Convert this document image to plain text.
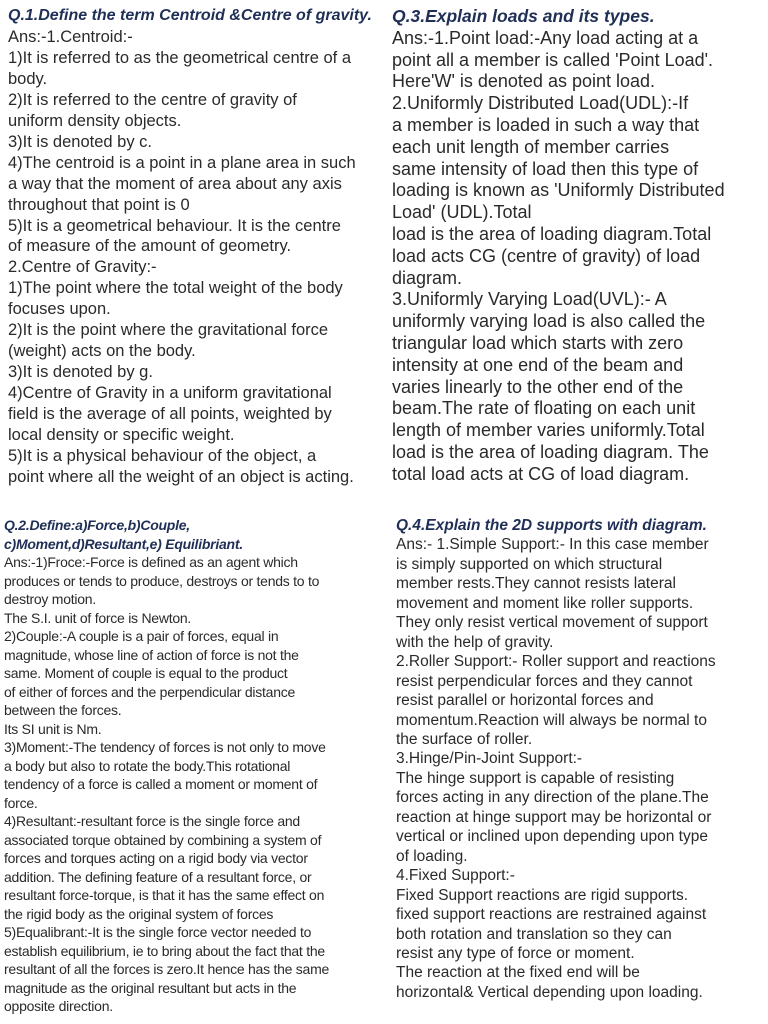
Q.1.Define the term Centroid &Centre of gravity.
Ans:-1.Centroid:-
1)It is referred to as the geometrical centre of a
body.
2)It is referred to the centre of gravity of
uniform density objects.
3)It is denoted by c.
4)The centroid is a point in a plane area in such
a way that the moment of area about any axis
throughout that point is 0
5)It is a geometrical behaviour. It is the centre
of measure of the amount of geometry.
2.Centre of Gravity:-
1)The point where the total weight of the body
focuses upon.
2)It is the point where the gravitational force
(weight) acts on the body.
3)It is denoted by g.
4)Centre of Gravity in a uniform gravitational
field is the average of all points, weighted by
local density or specific weight.
5)It is a physical behaviour of the object, a
point where all the weight of an object is acting.
Q.3.Explain loads and its types.
Ans:-1.Point load:-Any load acting at a
point all a member is called 'Point Load'.
Here'W' is denoted as point load.
2.Uniformly Distributed Load(UDL):-If
a member is loaded in such a way that
each unit length of member carries
same intensity of load then this type of
loading is known as 'Uniformly Distributed
Load' (UDL).Total
load is the area of loading diagram.Total
load acts CG (centre of gravity) of load
diagram.
3.Uniformly Varying Load(UVL):- A
uniformly varying load is also called the
triangular load which starts with zero
intensity at one end of the beam and
varies linearly to the other end of the
beam.The rate of floating on each unit
length of member varies uniformly.Total
load is the area of loading diagram. The
total load acts at CG of load diagram.
Q.2.Define:a)Force,b)Couple,
c)Moment,d)Resultant,e) Equilibriant.
Ans:-1)Froce:-Force is defined as an agent which
produces or tends to produce, destroys or tends to to
destroy motion.
The S.I. unit of force is Newton.
2)Couple:-A couple is a pair of forces, equal in
magnitude, whose line of action of force is not the
same. Moment of couple is equal to the product
of either of forces and the perpendicular distance
between the forces.
Its SI unit is Nm.
3)Moment:-The tendency of forces is not only to move
a body but also to rotate the body.This rotational
tendency of a force is called a moment or moment of
force.
4)Resultant:-resultant force is the single force and
associated torque obtained by combining a system of
forces and torques acting on a rigid body via vector
addition. The defining feature of a resultant force, or
resultant force-torque, is that it has the same effect on
the rigid body as the original system of forces
5)Equalibrant:-It is the single force vector needed to
establish equilibrium, ie to bring about the fact that the
resultant of all the forces is zero.It hence has the same
magnitude as the original resultant but acts in the
opposite direction.
Q.4.Explain the 2D supports with diagram.
Ans:- 1.Simple Support:- In this case member
is simply supported on which structural
member rests.They cannot resists lateral
movement and moment like roller supports.
They only resist vertical movement of support
with the help of gravity.
2.Roller Support:- Roller support and reactions
resist perpendicular forces and they cannot
resist parallel or horizontal forces and
momentum.Reaction will always be normal to
the surface of roller.
3.Hinge/Pin-Joint Support:-
The hinge support is capable of resisting
forces acting in any direction of the plane.The
reaction at hinge support may be horizontal or
vertical or inclined upon depending upon type
of loading.
4.Fixed Support:-
Fixed Support reactions are rigid supports.
fixed support reactions are restrained against
both rotation and translation so they can
resist any type of force or moment.
The reaction at the fixed end will be
horizontal& Vertical depending upon loading.
